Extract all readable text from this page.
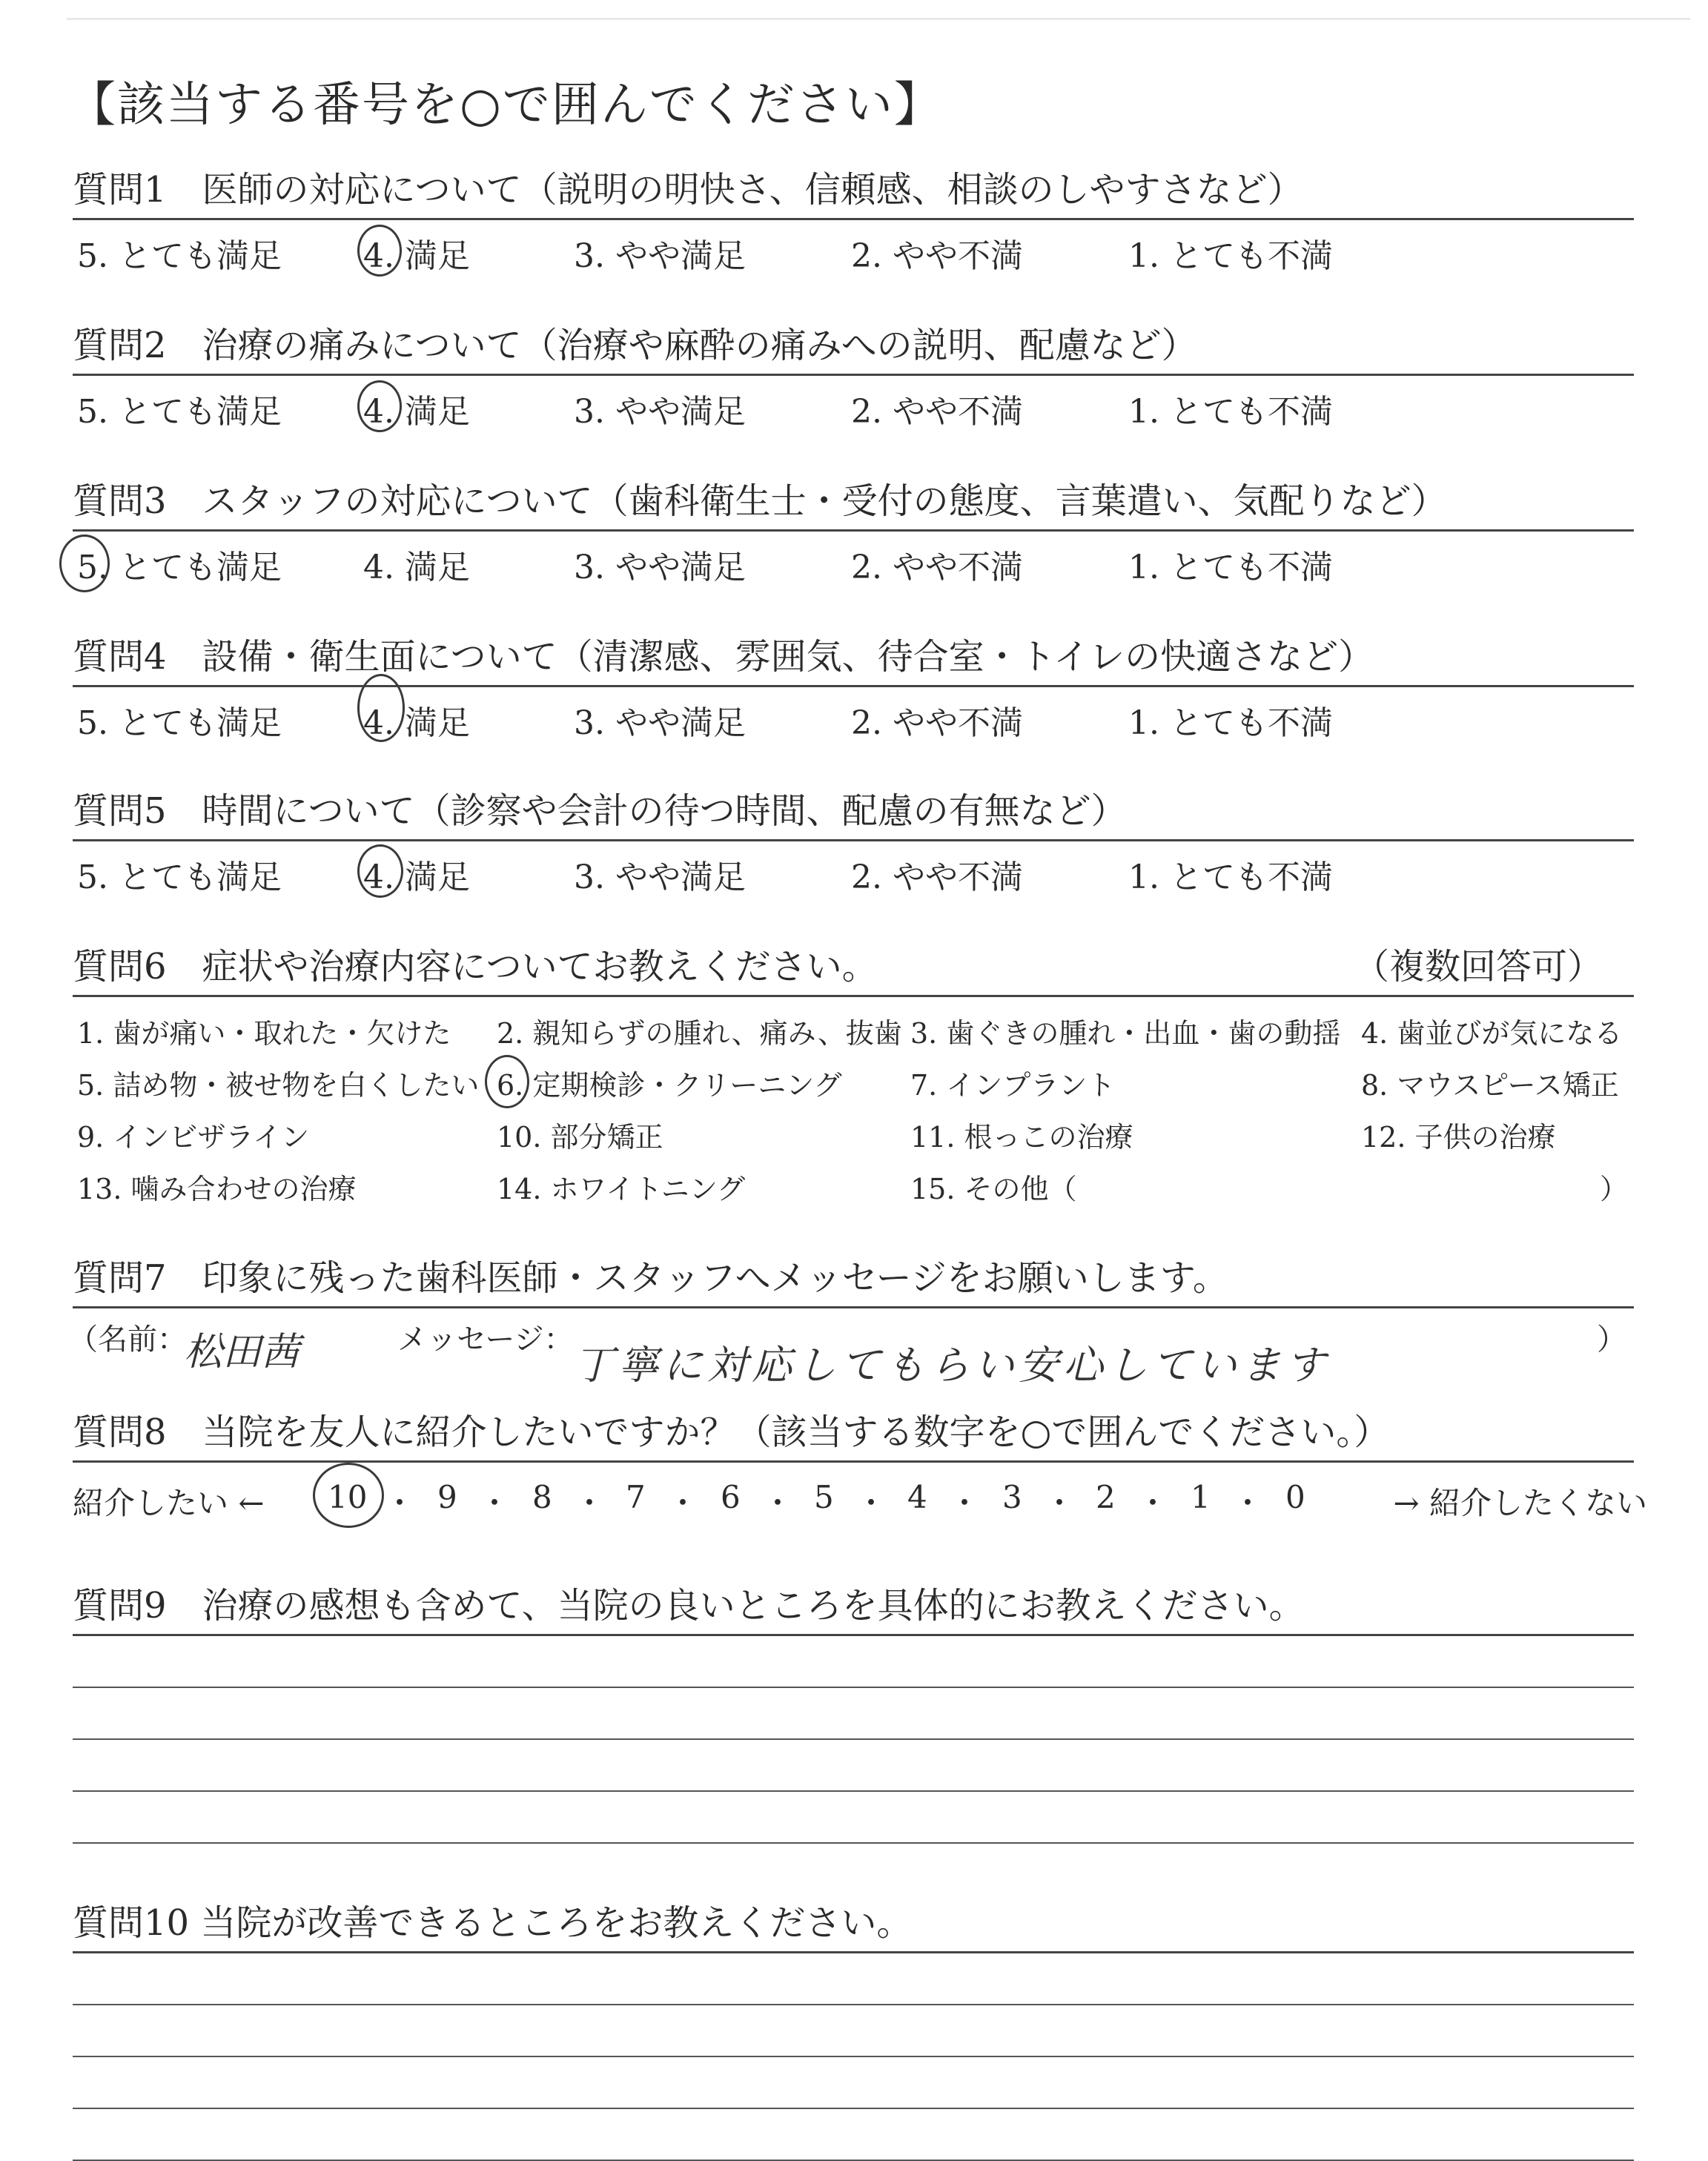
【該当する番号を○で囲んでください】
質問1　医師の対応について（説明の明快さ、信頼感、相談のしやすさなど）
5. とても満足	4. 満足	3. やや満足	2. やや不満	1. とても不満
質問2　治療の痛みについて（治療や麻酔の痛みへの説明、配慮など）
5. とても満足	4. 満足	3. やや満足	2. やや不満	1. とても不満
質問3　スタッフの対応について（歯科衛生士・受付の態度、言葉遣い、気配りなど）
5. とても満足	4. 満足	3. やや満足	2. やや不満	1. とても不満
質問4　設備・衛生面について（清潔感、雰囲気、待合室・トイレの快適さなど）
5. とても満足	4. 満足	3. やや満足	2. やや不満	1. とても不満
質問5　時間について（診察や会計の待つ時間、配慮の有無など）
5. とても満足	4. 満足	3. やや満足	2. やや不満	1. とても不満
質問6　症状や治療内容についてお教えください。	（複数回答可）
1. 歯が痛い・取れた・欠けた 2. 親知らずの腫れ、痛み、抜歯 3. 歯ぐきの腫れ・出血・歯の動揺 4. 歯並びが気になる
5. 詰め物・被せ物を白くしたい 6. 定期検診・クリーニング 7. インプラント	8. マウスピース矯正
9. インビザライン	10. 部分矯正	11. 根っこの治療	12. 子供の治療
13. 噛み合わせの治療	14. ホワイトニング	15. その他（	）
質問7　印象に残った歯科医師・スタッフへメッセージをお願いします。
（名前：
松田茜	メッセージ：
丁寧に対応してもらい安心しています
）
質問8　当院を友人に紹介したいですか？（該当する数字を○で囲んでください。）
紹介したい ← 10 ・ 9 ・ 8 ・ 7 ・ 6 ・ 5 ・ 4 ・ 3 ・ 2 ・ 1 ・ 0	→ 紹介したくない
質問9　治療の感想も含めて、当院の良いところを具体的にお教えください。
質問10 当院が改善できるところをお教えください。
